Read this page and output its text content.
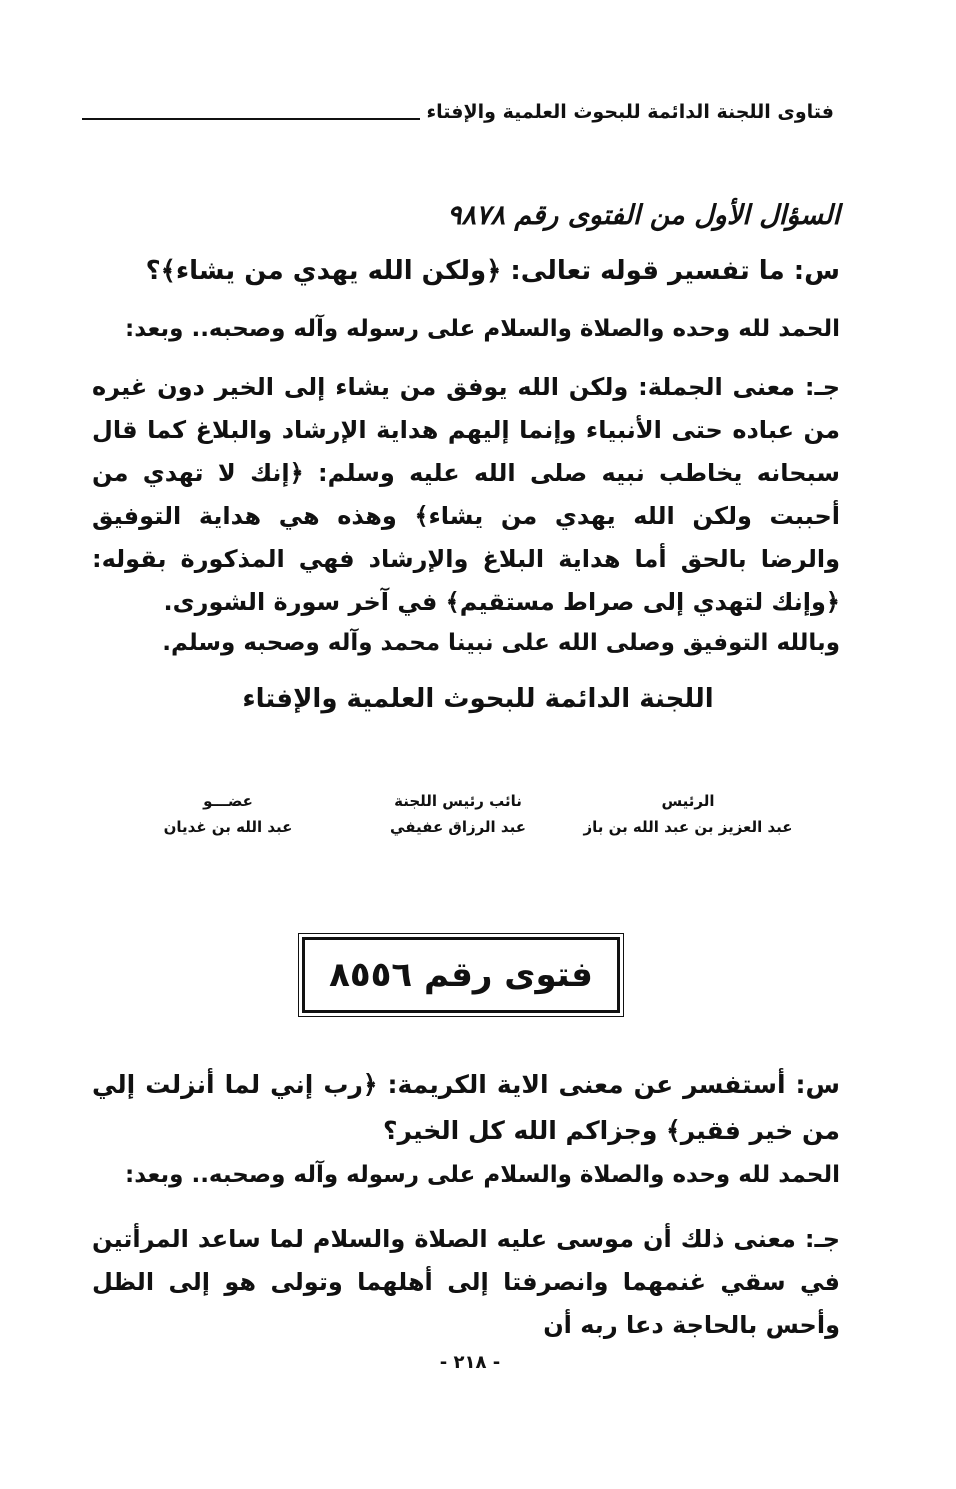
فتاوى اللجنة الدائمة للبحوث العلمية والإفتاء
السؤال الأول من الفتوى رقم ٩٨٧٨
س: ما تفسير قوله تعالى: ﴿ولكن الله يهدي من يشاء﴾؟
الحمد لله وحده والصلاة والسلام على رسوله وآله وصحبه.. وبعد:
جـ: معنى الجملة: ولكن الله يوفق من يشاء إلى الخير دون غيره من عباده حتى الأنبياء وإنما إليهم هداية الإرشاد والبلاغ كما قال سبحانه يخاطب نبيه صلى الله عليه وسلم: ﴿إنك لا تهدي من أحببت ولكن الله يهدي من يشاء﴾ وهذه هي هداية التوفيق والرضا بالحق أما هداية البلاغ والإرشاد فهي المذكورة بقوله: ﴿وإنك لتهدي إلى صراط مستقيم﴾ في آخر سورة الشورى.
وبالله التوفيق وصلى الله على نبينا محمد وآله وصحبه وسلم.
اللجنة الدائمة للبحوث العلمية والإفتاء
الرئيس
عبد العزيز بن عبد الله بن باز
نائب رئيس اللجنة
عبد الرزاق عفيفي
عضـــو
عبد الله بن غديان
فتوى رقم ٨٥٥٦
س: أستفسر عن معنى الاية الكريمة: ﴿رب إني لما أنزلت إلي من خير فقير﴾ وجزاكم الله كل الخير؟
الحمد لله وحده والصلاة والسلام على رسوله وآله وصحبه.. وبعد:
جـ: معنى ذلك أن موسى عليه الصلاة والسلام لما ساعد المرأتين في سقي غنمهما وانصرفتا إلى أهلهما وتولى هو إلى الظل وأحس بالحاجة دعا ربه أن
- ٢١٨ -
